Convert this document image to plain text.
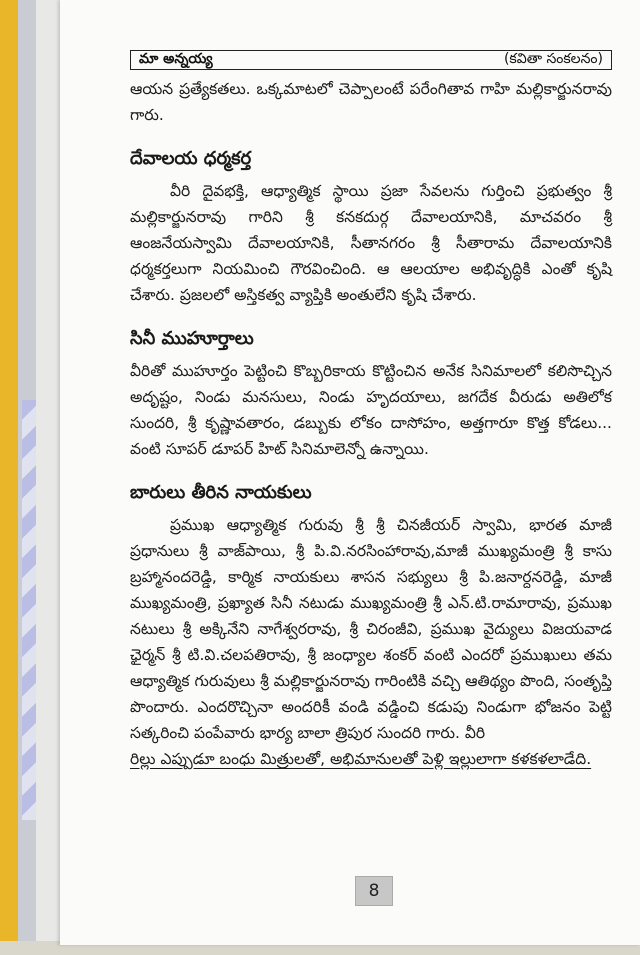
మా అన్నయ్య	(కవితా సంకలనం)

ఆయన ప్రత్యేకతలు. ఒక్కమాటలో చెప్పాలంటే పరేంగితావ గాహి మల్లికార్జునరావు గారు.

దేవాలయ ధర్మకర్త

వీరి దైవభక్తి, ఆధ్యాత్మిక స్థాయి ప్రజా సేవలను గుర్తించి ప్రభుత్వం శ్రీ మల్లికార్జునరావు గారిని శ్రీ కనకదుర్గ దేవాలయానికి, మాచవరం శ్రీ ఆంజనేయస్వామి దేవాలయానికి, సీతానగరం శ్రీ సీతారామ దేవాలయానికి ధర్మకర్తలుగా నియమించి గౌరవించింది. ఆ ఆలయాల అభివృద్ధికి ఎంతో కృషి చేశారు. ప్రజలలో అస్తికత్వ వ్యాప్తికి అంతులేని కృషి చేశారు.

సినీ ముహూర్తాలు

వీరితో ముహూర్తం పెట్టించి కొబ్బరికాయ కొట్టించిన అనేక సినిమాలలో కలిసొచ్చిన అదృష్టం, నిండు మనసులు, నిండు హృదయాలు, జగదేక వీరుడు అతిలోక సుందరి, శ్రీ కృష్ణావతారం, డబ్బుకు లోకం దాసోహం, అత్తగారూ కొత్త కోడలు... వంటి సూపర్ డూపర్ హిట్ సినిమాలెన్నో ఉన్నాయి.

బారులు తీరిన నాయకులు

ప్రముఖ ఆధ్యాత్మిక గురువు శ్రీ శ్రీ చినజీయర్ స్వామి, భారత మాజీ ప్రధానులు శ్రీ వాజ్‌పాయి, శ్రీ పి.వి.నరసింహారావు,మాజీ ముఖ్యమంత్రి శ్రీ కాసు బ్రహ్మానందరెడ్డి, కార్మిక నాయకులు శాసన సభ్యులు శ్రీ పి.జనార్దనరెడ్డి, మాజీ ముఖ్యమంత్రి, ప్రఖ్యాత సినీ నటుడు ముఖ్యమంత్రి శ్రీ ఎన్.టి.రామారావు, ప్రముఖ నటులు శ్రీ అక్కినేని నాగేశ్వరరావు, శ్రీ చిరంజీవి, ప్రముఖ వైద్యులు విజయవాడ ఛైర్మన్ శ్రీ టి.వి.చలపతిరావు, శ్రీ జంధ్యాల శంకర్ వంటి ఎందరో ప్రముఖులు తమ ఆధ్యాత్మిక గురువులు శ్రీ మల్లికార్జునరావు గారింటికి వచ్చి ఆతిథ్యం పొంది, సంతృప్తి పొందారు. ఎందరొచ్చినా అందరికీ వండి వడ్డించి కడుపు నిండుగా భోజనం పెట్టి సత్కరించి పంపేవారు భార్య బాలా త్రిపుర సుందరి గారు. వీరి

రిల్లు ఎప్పుడూ బంధు మిత్రులతో, అభిమానులతో పెళ్లి ఇల్లులాగా కళకళలాడేది.

8
